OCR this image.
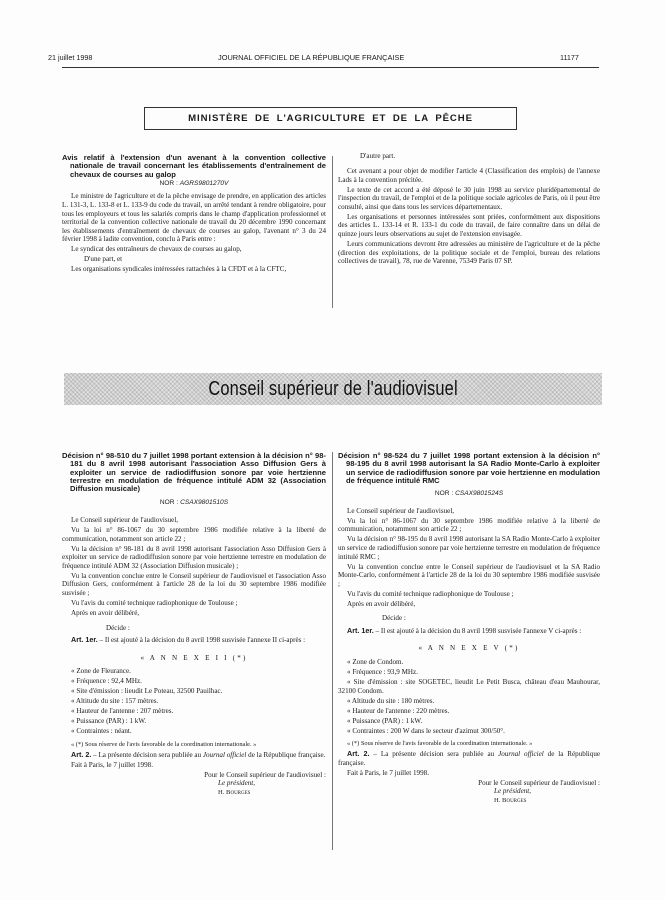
21 juillet 1998	JOURNAL OFFICIEL DE LA RÉPUBLIQUE FRANÇAISE	11177
MINISTÈRE DE L'AGRICULTURE ET DE LA PÊCHE
Avis relatif à l'extension d'un avenant à la convention collective nationale de travail concernant les établissements d'entraînement de chevaux de courses au galop
NOR : AGRS9801270V

Le ministre de l'agriculture et de la pêche envisage de prendre, en application des articles L. 131-3, L. 133-8 et L. 133-9 du code du travail, un arrêté tendant à rendre obligatoire, pour tous les employeurs et tous les salariés compris dans le champ d'application professionnel et territorial de la convention collective nationale de travail du 20 décembre 1990 concernant les établissements d'entraînement de chevaux de courses au galop, l'avenant n° 3 du 24 février 1998 à ladite convention, conclu à Paris entre :

Le syndicat des entraîneurs de chevaux de courses au galop,

D'une part, et

Les organisations syndicales intéressées rattachées à la CFDT et à la CFTC,

D'autre part.

Cet avenant a pour objet de modifier l'article 4 (Classification des emplois) de l'annexe Lads à la convention précitée.

Le texte de cet accord a été déposé le 30 juin 1998 au service pluridépartemental de l'inspection du travail, de l'emploi et de la politique sociale agricoles de Paris, où il peut être consulté, ainsi que dans tous les services départementaux.

Les organisations et personnes intéressées sont priées, conformément aux dispositions des articles L. 133-14 et R. 133-1 du code du travail, de faire connaître dans un délai de quinze jours leurs observations au sujet de l'extension envisagée.

Leurs communications devront être adressées au ministère de l'agriculture et de la pêche (direction des exploitations, de la politique sociale et de l'emploi, bureau des relations collectives de travail), 78, rue de Varenne, 75349 Paris 07 SP.

Conseil supérieur de l'audiovisuel
Décision n° 98-510 du 7 juillet 1998 portant extension à la décision n° 98-181 du 8 avril 1998 autorisant l'association Asso Diffusion Gers à exploiter un service de radiodiffusion sonore par voie hertzienne terrestre en modulation de fréquence intitulé ADM 32 (Association Diffusion musicale)
NOR : CSAX9801510S

Le Conseil supérieur de l'audiovisuel,

Vu la loi n° 86-1067 du 30 septembre 1986 modifiée relative à la liberté de communication, notamment son article 22 ;

Vu la décision n° 98-181 du 8 avril 1998 autorisant l'association Asso Diffusion Gers à exploiter un service de radiodiffusion sonore par voie hertzienne terrestre en modulation de fréquence intitulé ADM 32 (Association Diffusion musicale) ;

Vu la convention conclue entre le Conseil supérieur de l'audiovisuel et l'association Asso Diffusion Gers, conformément à l'article 28 de la loi du 30 septembre 1986 modifiée susvisée ;

Vu l'avis du comité technique radiophonique de Toulouse ;

Après en avoir délibéré,

Décide :

Art. 1er. – Il est ajouté à la décision du 8 avril 1998 susvisée l'annexe II ci-après :

« A N N E X E I I (*)

« Zone de Fleurance.

« Fréquence : 92,4 MHz.

« Site d'émission : lieudit Le Poteau, 32500 Pauilhac.

« Altitude du site : 157 mètres.

« Hauteur de l'antenne : 207 mètres.

« Puissance (PAR) : 1 kW.

« Contraintes : néant.

« (*) Sous réserve de l'avis favorable de la coordination internationale. »

Art. 2. – La présente décision sera publiée au Journal officiel de la République française.

Fait à Paris, le 7 juillet 1998.

Pour le Conseil supérieur de l'audiovisuel :

Le président,

H. Bourges

Décision n° 98-524 du 7 juillet 1998 portant extension à la décision n° 98-195 du 8 avril 1998 autorisant la SA Radio Monte-Carlo à exploiter un service de radiodiffusion sonore par voie hertzienne en modulation de fréquence intitulé RMC
NOR : CSAX9801524S

Le Conseil supérieur de l'audiovisuel,

Vu la loi n° 86-1067 du 30 septembre 1986 modifiée relative à la liberté de communication, notamment son article 22 ;

Vu la décision n° 98-195 du 8 avril 1998 autorisant la SA Radio Monte-Carlo à exploiter un service de radiodiffusion sonore par voie hertzienne terrestre en modulation de fréquence intitulé RMC ;

Vu la convention conclue entre le Conseil supérieur de l'audiovisuel et la SA Radio Monte-Carlo, conformément à l'article 28 de la loi du 30 septembre 1986 modifiée susvisée ;

Vu l'avis du comité technique radiophonique de Toulouse ;

Après en avoir délibéré,

Décide :

Art. 1er. – Il est ajouté à la décision du 8 avril 1998 susvisée l'annexe V ci-après :

« A N N E X E V (*)

« Zone de Condom.

« Fréquence : 93,9 MHz.

« Site d'émission : site SOGETEC, lieudit Le Petit Busca, château d'eau Mauhourar, 32100 Condom.

« Altitude du site : 180 mètres.

« Hauteur de l'antenne : 220 mètres.

« Puissance (PAR) : 1 kW.

« Contraintes : 200 W dans le secteur d'azimut 300/50°.

« (*) Sous réserve de l'avis favorable de la coordination internationale. »

Art. 2. – La présente décision sera publiée au Journal officiel de la République française.

Fait à Paris, le 7 juillet 1998.

Pour le Conseil supérieur de l'audiovisuel :

Le président,

H. Bourges
